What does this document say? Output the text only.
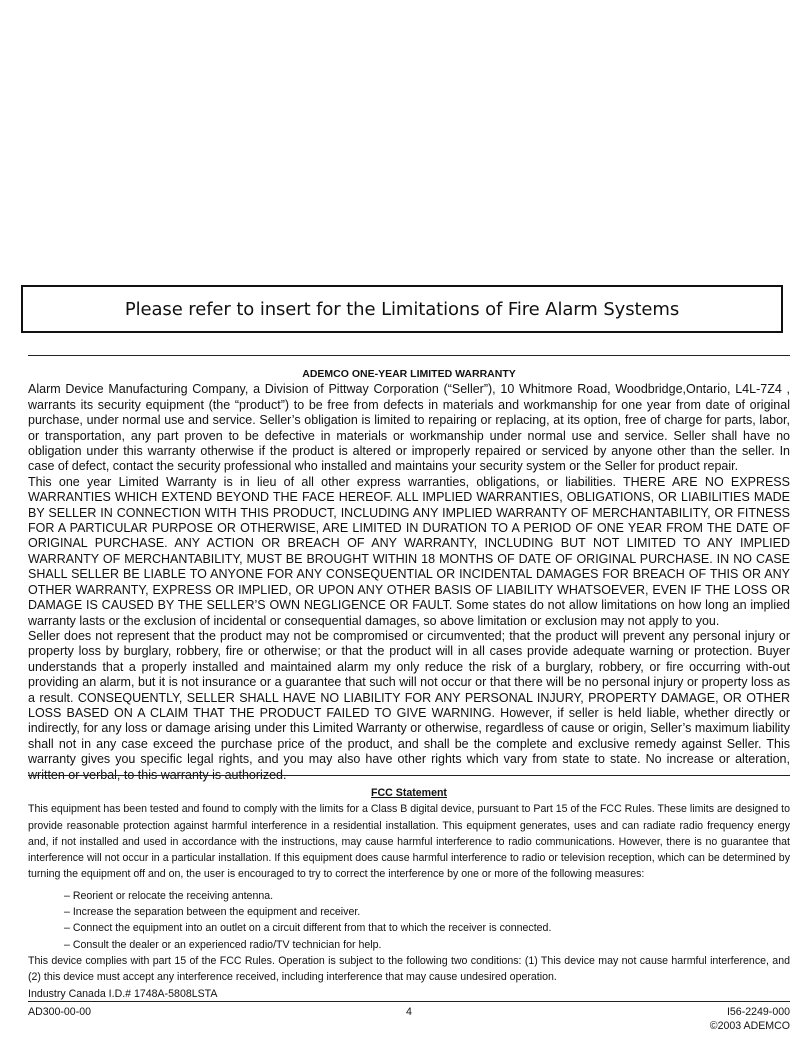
Please refer to insert for the Limitations of Fire Alarm Systems

ADEMCO ONE-YEAR LIMITED WARRANTY

Alarm Device Manufacturing Company, a Division of Pittway Corporation (“Seller”), 10 Whitmore Road, Woodbridge,Ontario, L4L-7Z4 , warrants its security equipment (the “product”) to be free from defects in materials and workmanship for one year from date of original purchase, under normal use and service. Seller’s obligation is limited to repairing or replacing, at its option, free of charge for parts, labor, or transportation, any part proven to be defective in materials or workmanship under normal use and service. Seller shall have no obligation under this warranty otherwise if the product is altered or improperly repaired or serviced by anyone other than the seller. In case of defect, contact the security professional who installed and maintains your security system or the Seller for product repair.

This one year Limited Warranty is in lieu of all other express warranties, obligations, or liabilities. THERE ARE NO EXPRESS WARRANTIES WHICH EXTEND BEYOND THE FACE HEREOF. ALL IMPLIED WARRANTIES, OBLIGATIONS, OR LIABILITIES MADE BY SELLER IN CONNECTION WITH THIS PRODUCT, INCLUDING ANY IMPLIED WARRANTY OF MERCHANTABILITY, OR FITNESS FOR A PARTICULAR PURPOSE OR OTHERWISE, ARE LIMITED IN DURATION TO A PERIOD OF ONE YEAR FROM THE DATE OF ORIGINAL PURCHASE. ANY ACTION OR BREACH OF ANY WARRANTY, INCLUDING BUT NOT LIMITED TO ANY IMPLIED WARRANTY OF MERCHANTABILITY, MUST BE BROUGHT WITHIN 18 MONTHS OF DATE OF ORIGINAL PURCHASE. IN NO CASE SHALL SELLER BE LIABLE TO ANYONE FOR ANY CONSEQUENTIAL OR INCIDENTAL DAMAGES FOR BREACH OF THIS OR ANY OTHER WARRANTY, EXPRESS OR IMPLIED, OR UPON ANY OTHER BASIS OF LIABILITY WHATSOEVER, EVEN IF THE LOSS OR DAMAGE IS CAUSED BY THE SELLER’S OWN NEGLIGENCE OR FAULT. Some states do not allow limitations on how long an implied warranty lasts or the exclusion of incidental or consequential damages, so above limitation or exclusion may not apply to you.

Seller does not represent that the product may not be compromised or circumvented; that the product will prevent any personal injury or property loss by burglary, robbery, fire or otherwise; or that the product will in all cases provide adequate warning or protection. Buyer understands that a properly installed and maintained alarm my only reduce the risk of a burglary, robbery, or fire occurring with-out providing an alarm, but it is not insurance or a guarantee that such will not occur or that there will be no personal injury or property loss as a result. CONSEQUENTLY, SELLER SHALL HAVE NO LIABILITY FOR ANY PERSONAL INJURY, PROPERTY DAMAGE, OR OTHER LOSS BASED ON A CLAIM THAT THE PRODUCT FAILED TO GIVE WARNING. However, if seller is held liable, whether directly or indirectly, for any loss or damage arising under this Limited Warranty or otherwise, regardless of cause or origin, Seller’s maximum liability shall not in any case exceed the purchase price of the product, and shall be the complete and exclusive remedy against Seller. This warranty gives you specific legal rights, and you may also have other rights which vary from state to state. No increase or alteration, written or verbal, to this warranty is authorized.

FCC Statement

This equipment has been tested and found to comply with the limits for a Class B digital device, pursuant to Part 15 of the FCC Rules. These limits are designed to provide reasonable protection against harmful interference in a residential installation. This equipment generates, uses and can radiate radio frequency energy and, if not installed and used in accordance with the instructions, may cause harmful interference to radio communications. However, there is no guarantee that interference will not occur in a particular installation. If this equipment does cause harmful interference to radio or television reception, which can be determined by turning the equipment off and on, the user is encouraged to try to correct the interference by one or more of the following measures:

– Reorient or relocate the receiving antenna.
– Increase the separation between the equipment and receiver.
– Connect the equipment into an outlet on a circuit different from that to which the receiver is connected.
– Consult the dealer or an experienced radio/TV technician for help.

This device complies with part 15 of the FCC Rules. Operation is subject to the following two conditions: (1) This device may not cause harmful interference, and (2) this device must accept any interference received, including interference that may cause undesired operation.

Industry Canada I.D.# 1748A-5808LSTA

AD300-00-00	4	I56-2249-000
©2003 ADEMCO
